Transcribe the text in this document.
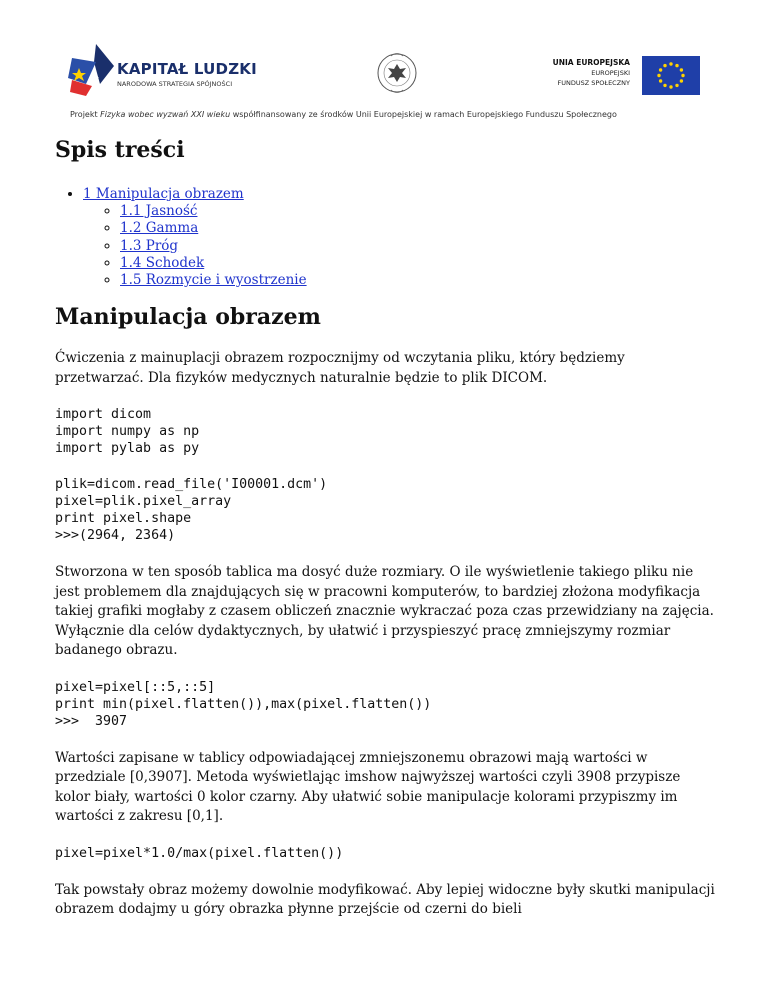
KAPITAŁ LUDZKI
NARODOWA STRATEGIA SPÓJNOŚCI
UNIA EUROPEJSKA
EUROPEJSKI
FUNDUSZ SPOŁECZNY
Projekt Fizyka wobec wyzwań XXI wieku współfinansowany ze środków Unii Europejskiej w ramach Europejskiego Funduszu Społecznego
Spis treści
• 1 Manipulacja obrazem
◦ 1.1 Jasność
◦ 1.2 Gamma
◦ 1.3 Próg
◦ 1.4 Schodek
◦ 1.5 Rozmycie i wyostrzenie
Manipulacja obrazem

Ćwiczenia z mainuplacji obrazem rozpocznijmy od wczytania pliku, który będziemy przetwarzać. Dla fizyków medycznych naturalnie będzie to plik DICOM.

import dicom
import numpy as np
import pylab as py
plik=dicom.read_file('I00001.dcm')
pixel=plik.pixel_array
print pixel.shape
>>>(2964, 2364)

Stworzona w ten sposób tablica ma dosyć duże rozmiary. O ile wyświetlenie takiego pliku nie jest problemem dla znajdujących się w pracowni komputerów, to bardziej złożona modyfikacja takiej grafiki mogłaby z czasem obliczeń znacznie wykraczać poza czas przewidziany na zajęcia. Wyłącznie dla celów dydaktycznych, by ułatwić i przyspieszyć pracę zmniejszymy rozmiar badanego obrazu.

pixel=pixel[::5,::5]
print min(pixel.flatten()),max(pixel.flatten())
>>>  3907

Wartości zapisane w tablicy odpowiadającej zmniejszonemu obrazowi mają wartości w przedziale [0,3907]. Metoda wyświetlając imshow najwyższej wartości czyli 3908 przypisze kolor biały, wartości 0 kolor czarny. Aby ułatwić sobie manipulacje kolorami przypiszmy im wartości z zakresu [0,1].

pixel=pixel*1.0/max(pixel.flatten())

Tak powstały obraz możemy dowolnie modyfikować. Aby lepiej widoczne były skutki manipulacji obrazem dodajmy u góry obrazka płynne przejście od czerni do bieli
